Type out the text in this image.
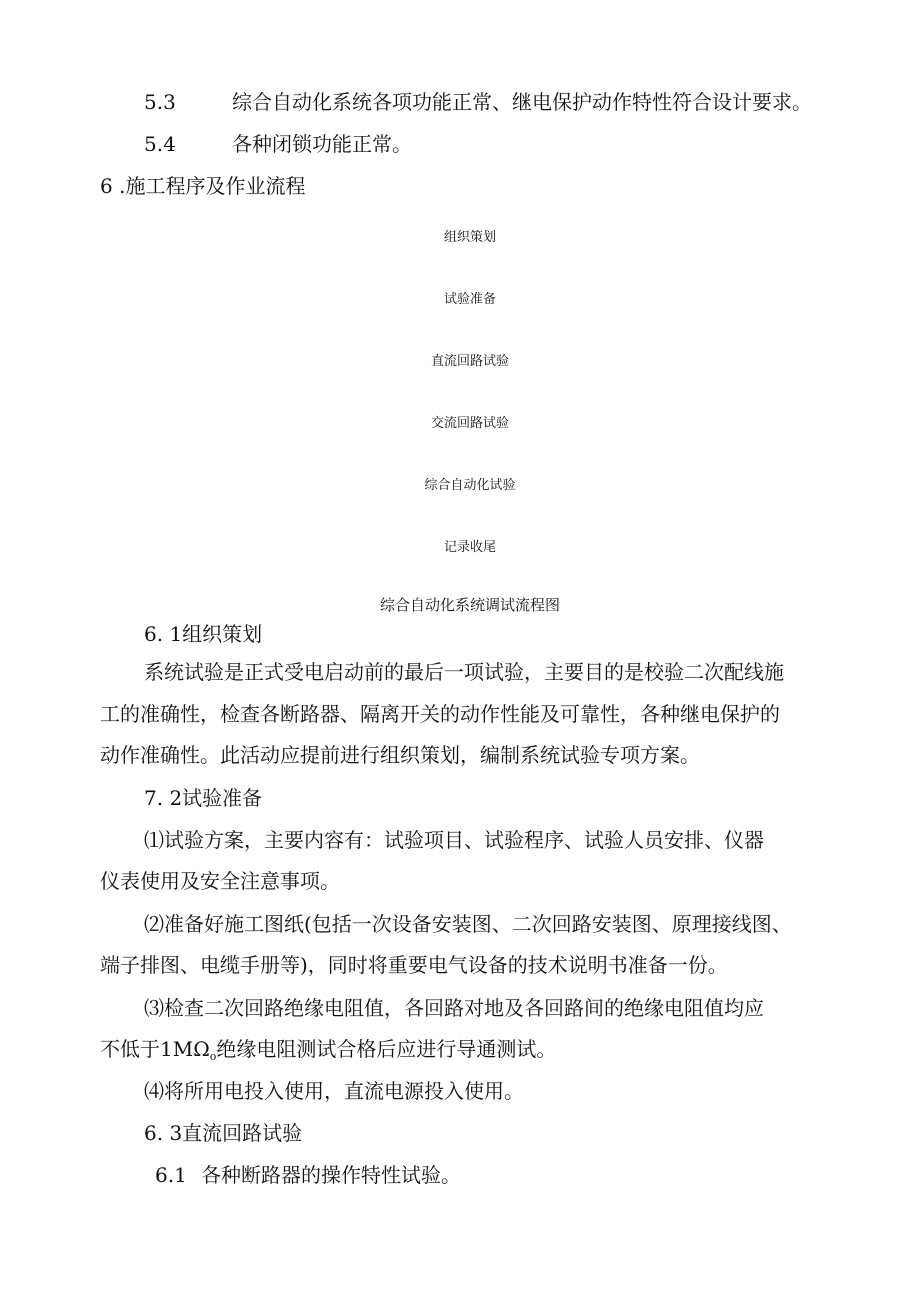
5.3	综合自动化系统各项功能正常、继电保护动作特性符合设计要求。
5.4	各种闭锁功能正常。
6 .施工程序及作业流程
组织策划
试验准备
直流回路试验
交流回路试验
综合自动化试验
记录收尾
综合自动化系统调试流程图
6. 1组织策划
系统试验是正式受电启动前的最后一项试验，主要目的是校验二次配线施
工的准确性，检查各断路器、隔离开关的动作性能及可靠性，各种继电保护的
动作准确性。此活动应提前进行组织策划，编制系统试验专项方案。
7. 2试验准备
⑴试验方案，主要内容有：试验项目、试验程序、试验人员安排、仪器
仪表使用及安全注意事项。
⑵准备好施工图纸(包括一次设备安装图、二次回路安装图、原理接线图、
端子排图、电缆手册等)，同时将重要电气设备的技术说明书准备一份。
⑶检查二次回路绝缘电阻值，各回路对地及各回路间的绝缘电阻值均应
不低于$1M\Omega_o$绝缘电阻测试合格后应进行导通测试。
⑷将所用电投入使用，直流电源投入使用。
6. 3直流回路试验
6.1 各种断路器的操作特性试验。
